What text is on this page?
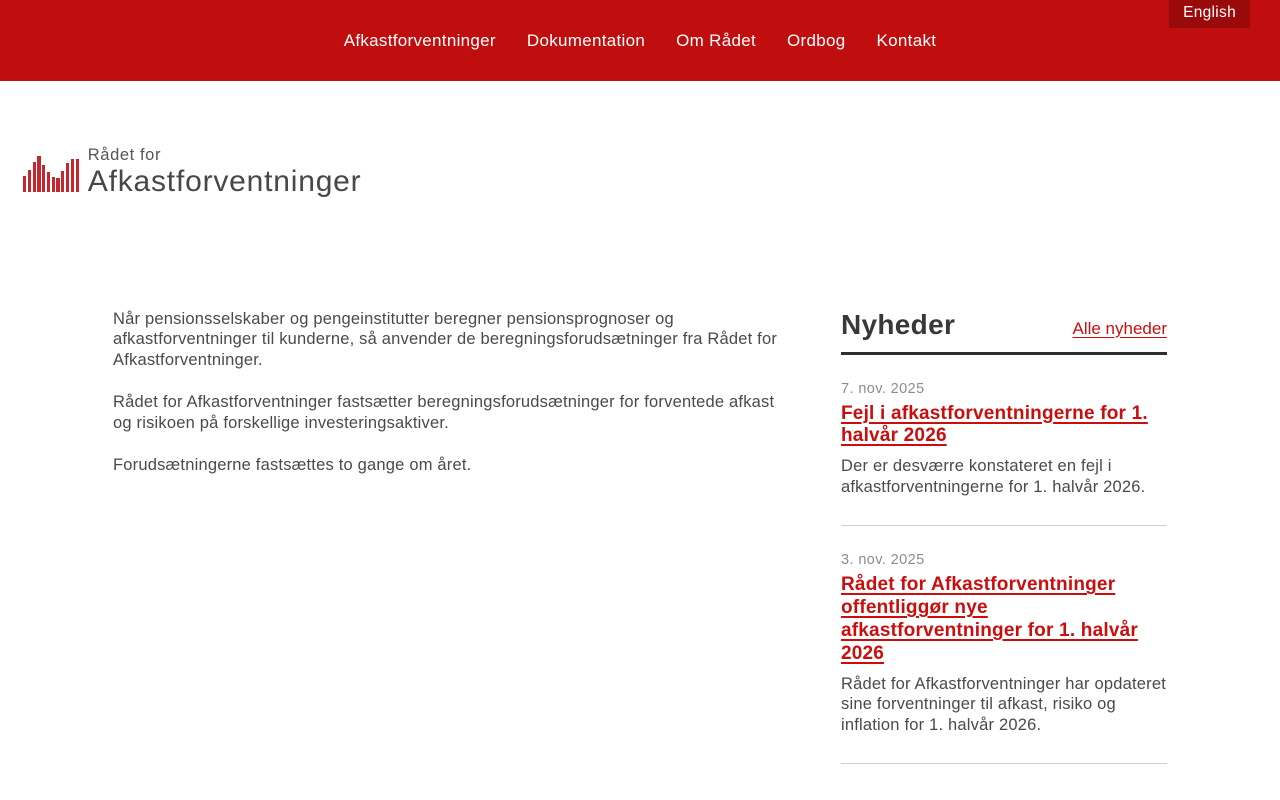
Afkastforventninger Dokumentation Om Rådet Ordbog Kontakt
English
Rådet for
Afkastforventninger

Når pensionsselskaber og pengeinstitutter beregner pensionsprognoser og afkastforventninger til kunderne, så anvender de beregningsforudsætninger fra Rådet for Afkastforventninger.

Rådet for Afkastforventninger fastsætter beregningsforudsætninger for forventede afkast og risikoen på forskellige investeringsaktiver.

Forudsætningerne fastsættes to gange om året.

Nyheder	Alle nyheder
7. nov. 2025
Fejl i afkastforventningerne for 1. halvår 2026

Der er desværre konstateret en fejl i afkastforventningerne for 1. halvår 2026.

3. nov. 2025
Rådet for Afkastforventninger offentliggør nye afkastforventninger for 1. halvår 2026

Rådet for Afkastforventninger har opdateret sine forventninger til afkast, risiko og inflation for 1. halvår 2026.
